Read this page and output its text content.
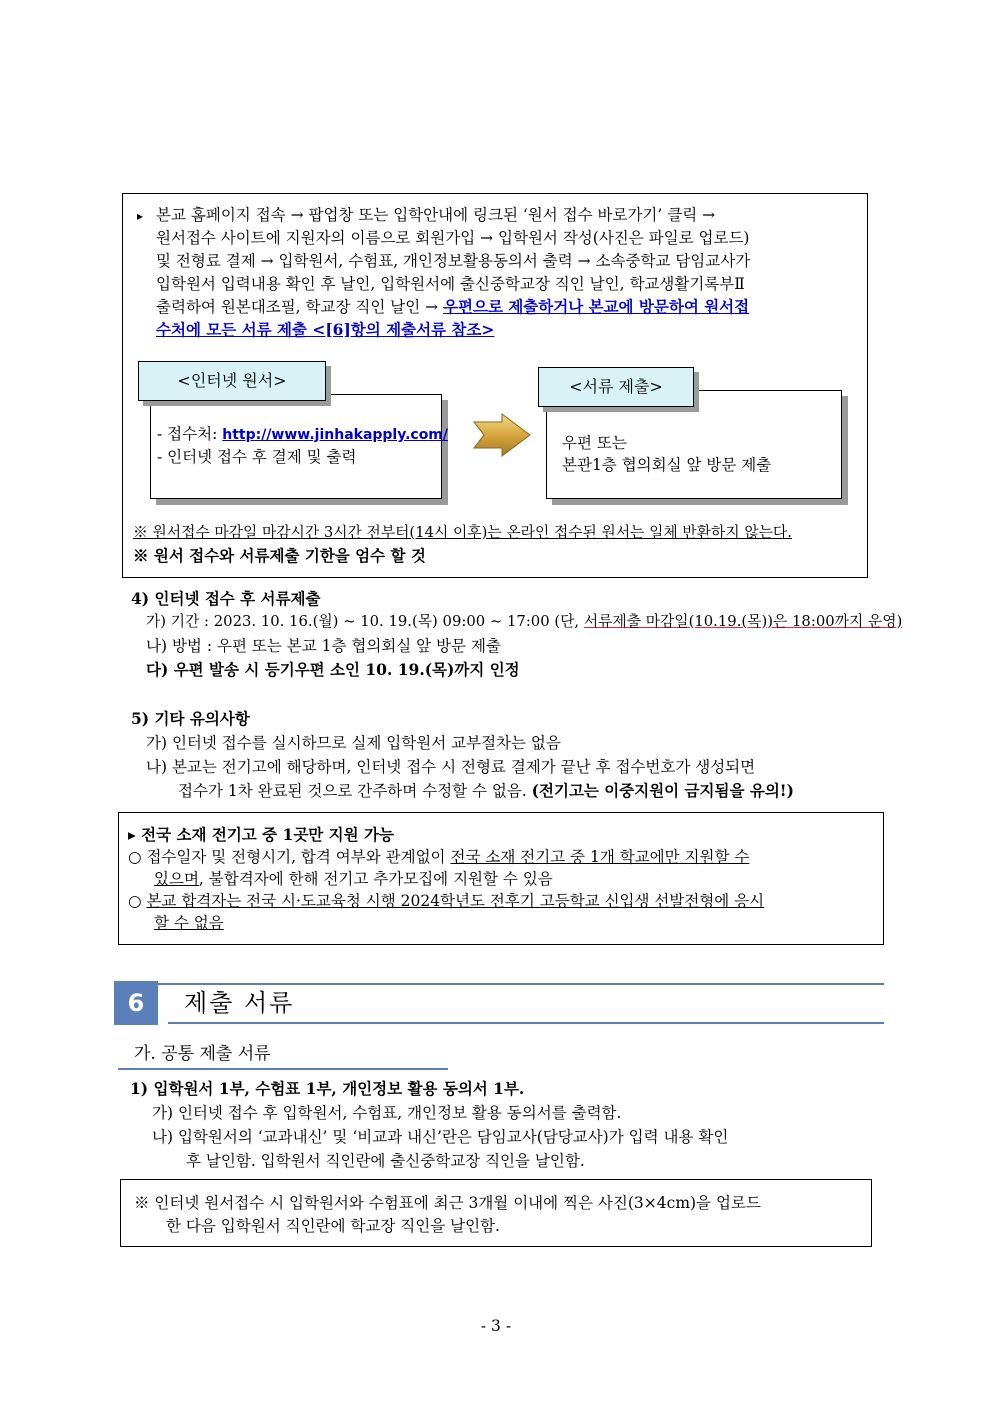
▸ 본교 홈페이지 접속 → 팝업창 또는 입학안내에 링크된 ‘원서 접수 바로가기’ 클릭 →
원서접수 사이트에 지원자의 이름으로 회원가입 → 입학원서 작성(사진은 파일로 업로드)
및 전형료 결제 → 입학원서, 수험표, 개인정보활용동의서 출력 → 소속중학교 담임교사가
입학원서 입력내용 확인 후 날인, 입학원서에 출신중학교장 직인 날인, 학교생활기록부Ⅱ
출력하여 원본대조필, 학교장 직인 날인 → 우편으로 제출하거나 본교에 방문하여 원서접
수처에 모든 서류 제출 <[6]항의 제출서류 참조>
<인터넷 원서>
- 접수처: http://www.jinhakapply.com/
- 인터넷 접수 후 결제 및 출력
<서류 제출>
우편 또는
본관1층 협의회실 앞 방문 제출
※ 원서접수 마감일 마감시간 3시간 전부터(14시 이후)는 온라인 접수된 원서는 일체 반환하지 않는다.
※ 원서 접수와 서류제출 기한을 엄수 할 것
4) 인터넷 접수 후 서류제출
가) 기간 : 2023. 10. 16.(월) ~ 10. 19.(목) 09:00 ~ 17:00 (단, 서류제출 마감일(10.19.(목))은 18:00까지 운영)
나) 방법 : 우편 또는 본교 1층 협의회실 앞 방문 제출
다) 우편 발송 시 등기우편 소인 10. 19.(목)까지 인정
5) 기타 유의사항
가) 인터넷 접수를 실시하므로 실제 입학원서 교부절차는 없음
나) 본교는 전기고에 해당하며, 인터넷 접수 시 전형료 결제가 끝난 후 접수번호가 생성되면
접수가 1차 완료된 것으로 간주하며 수정할 수 없음. (전기고는 이중지원이 금지됨을 유의!)
▸ 전국 소재 전기고 중 1곳만 지원 가능
○ 접수일자 및 전형시기, 합격 여부와 관계없이 전국 소재 전기고 중 1개 학교에만 지원할 수
있으며, 불합격자에 한해 전기고 추가모집에 지원할 수 있음
○ 본교 합격자는 전국 시·도교육청 시행 2024학년도 전후기 고등학교 신입생 선발전형에 응시
할 수 없음
6	제출 서류
가. 공통 제출 서류
1) 입학원서 1부, 수험표 1부, 개인정보 활용 동의서 1부.
가) 인터넷 접수 후 입학원서, 수험표, 개인정보 활용 동의서를 출력함.
나) 입학원서의 ‘교과내신’ 및 ‘비교과 내신’란은 담임교사(담당교사)가 입력 내용 확인
후 날인함. 입학원서 직인란에 출신중학교장 직인을 날인함.
※ 인터넷 원서접수 시 입학원서와 수험표에 최근 3개월 이내에 찍은 사진(3×4cm)을 업로드
한 다음 입학원서 직인란에 학교장 직인을 날인함.
- 3 -
